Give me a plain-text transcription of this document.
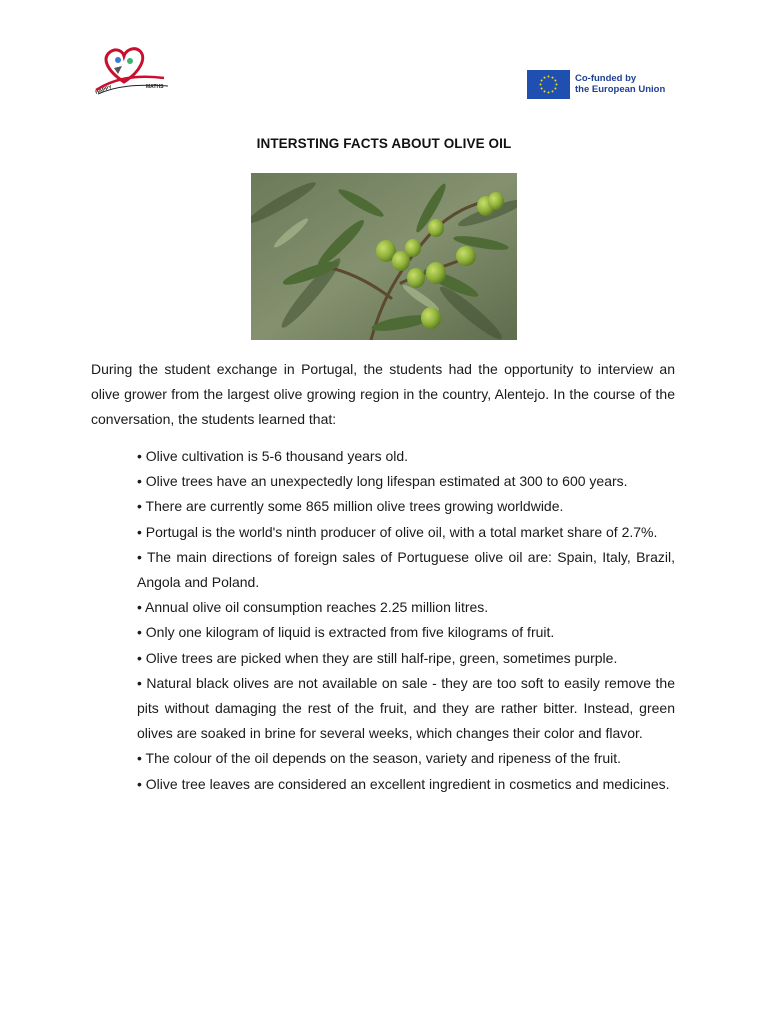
HAPPY	MATHS
Co-funded by
the European Union
INTERSTING FACTS ABOUT OLIVE OIL
During the student exchange in Portugal, the students had the opportunity to interview an olive grower from the largest olive growing region in the country, Alentejo. In the course of the conversation, the students learned that:
• Olive cultivation is 5-6 thousand years old.
• Olive trees have an unexpectedly long lifespan estimated at 300 to 600 years.
• There are currently some 865 million olive trees growing worldwide.
• Portugal is the world's ninth producer of olive oil, with a total market share of 2.7%.
• The main directions of foreign sales of Portuguese olive oil are: Spain, Italy, Brazil, Angola and Poland.
• Annual olive oil consumption reaches 2.25 million litres.
• Only one kilogram of liquid is extracted from five kilograms of fruit.
• Olive trees are picked when they are still half-ripe, green, sometimes purple.
• Natural black olives are not available on sale - they are too soft to easily remove the pits without damaging the rest of the fruit, and they are rather bitter. Instead, green olives are soaked in brine for several weeks, which changes their color and flavor.
• The colour of the oil depends on the season, variety and ripeness of the fruit.
• Olive tree leaves are considered an excellent ingredient in cosmetics and medicines.
